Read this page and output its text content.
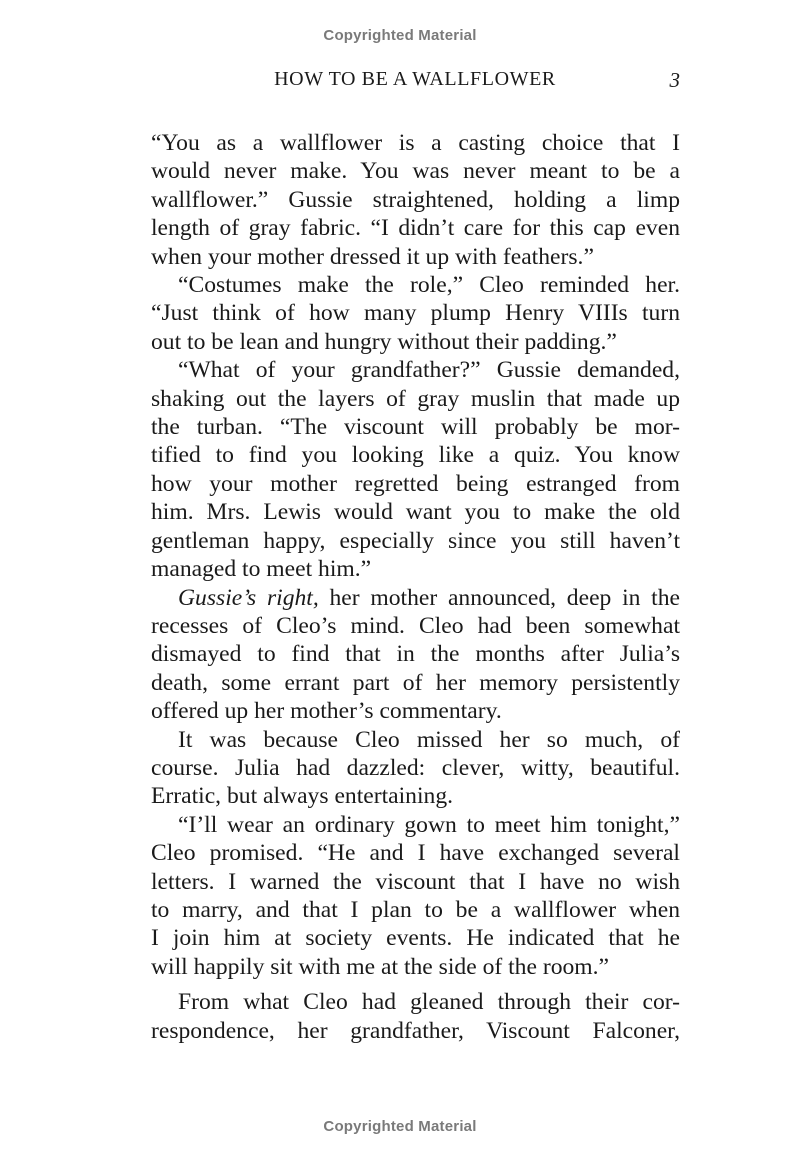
Copyrighted Material
HOW TO BE A WALLFLOWER	3
“You as a wallflower is a casting choice that I
would never make. You was never meant to be a
wallflower.” Gussie straightened, holding a limp
length of gray fabric. “I didn’t care for this cap even
when your mother dressed it up with feathers.”
“Costumes make the role,” Cleo reminded her.
“Just think of how many plump Henry VIIIs turn
out to be lean and hungry without their padding.”
“What of your grandfather?” Gussie demanded,
shaking out the layers of gray muslin that made up
the turban. “The viscount will probably be mor-
tified to find you looking like a quiz. You know
how your mother regretted being estranged from
him. Mrs. Lewis would want you to make the old
gentleman happy, especially since you still haven’t
managed to meet him.”
Gussie’s right, her mother announced, deep in the
recesses of Cleo’s mind. Cleo had been somewhat
dismayed to find that in the months after Julia’s
death, some errant part of her memory persistently
offered up her mother’s commentary.
It was because Cleo missed her so much, of
course. Julia had dazzled: clever, witty, beautiful.
Erratic, but always entertaining.
“I’ll wear an ordinary gown to meet him tonight,”
Cleo promised. “He and I have exchanged several
letters. I warned the viscount that I have no wish
to marry, and that I plan to be a wallflower when
I join him at society events. He indicated that he
will happily sit with me at the side of the room.”
From what Cleo had gleaned through their cor-
respondence, her grandfather, Viscount Falconer,
Copyrighted Material
